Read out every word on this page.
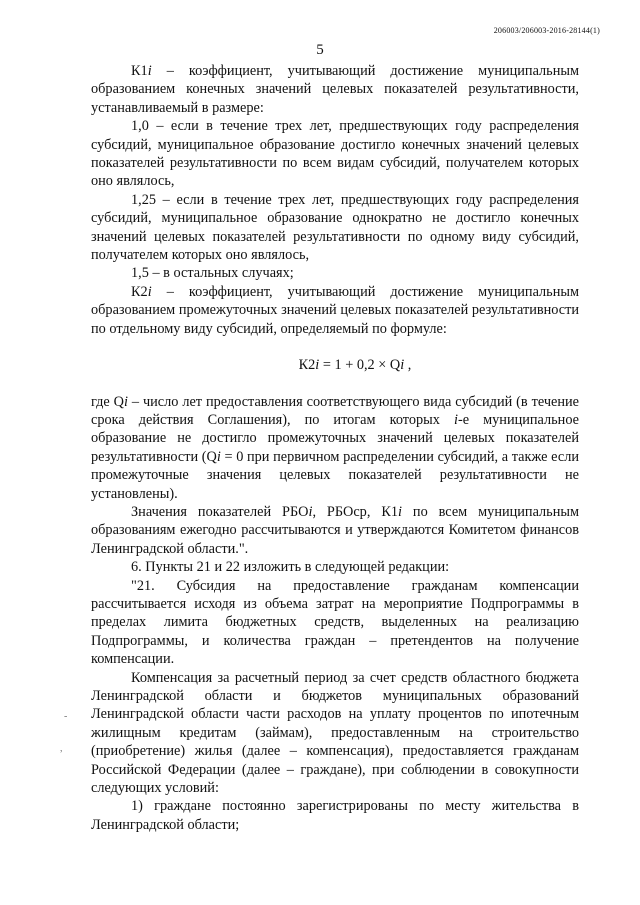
206003/206003-2016-28144(1)
5
-
,

К1i – коэффициент, учитывающий достижение муниципальным образованием конечных значений целевых показателей результативности, устанавливаемый в размере:

1,0 – если в течение трех лет, предшествующих году распределения субсидий, муниципальное образование достигло конечных значений целевых показателей результативности по всем видам субсидий, получателем которых оно являлось,

1,25 – если в течение трех лет, предшествующих году распределения субсидий, муниципальное образование однократно не достигло конечных значений целевых показателей результативности по одному виду субсидий, получателем которых оно являлось,

1,5 – в остальных случаях;

К2i – коэффициент, учитывающий достижение муниципальным образованием промежуточных значений целевых показателей результативности по отдельному виду субсидий, определяемый по формуле:

К2i = 1 + 0,2 × Qi ,

где Qi – число лет предоставления соответствующего вида субсидий (в течение срока действия Соглашения), по итогам которых i-е муниципальное образование не достигло промежуточных значений целевых показателей результативности (Qi = 0 при первичном распределении субсидий, а также если промежуточные значения целевых показателей результативности не установлены).

Значения показателей РБОi, РБОср, К1i по всем муниципальным образованиям ежегодно рассчитываются и утверждаются Комитетом финансов Ленинградской области.".

6. Пункты 21 и 22 изложить в следующей редакции:

"21. Субсидия на предоставление гражданам компенсации рассчитывается исходя из объема затрат на мероприятие Подпрограммы в пределах лимита бюджетных средств, выделенных на реализацию Подпрограммы, и количества граждан – претендентов на получение компенсации.

Компенсация за расчетный период за счет средств областного бюджета Ленинградской области и бюджетов муниципальных образований Ленинградской области части расходов на уплату процентов по ипотечным жилищным кредитам (займам), предоставленным на строительство (приобретение) жилья (далее – компенсация), предоставляется гражданам Российской Федерации (далее – граждане), при соблюдении в совокупности следующих условий:

1) граждане постоянно зарегистрированы по месту жительства в Ленинградской области;
